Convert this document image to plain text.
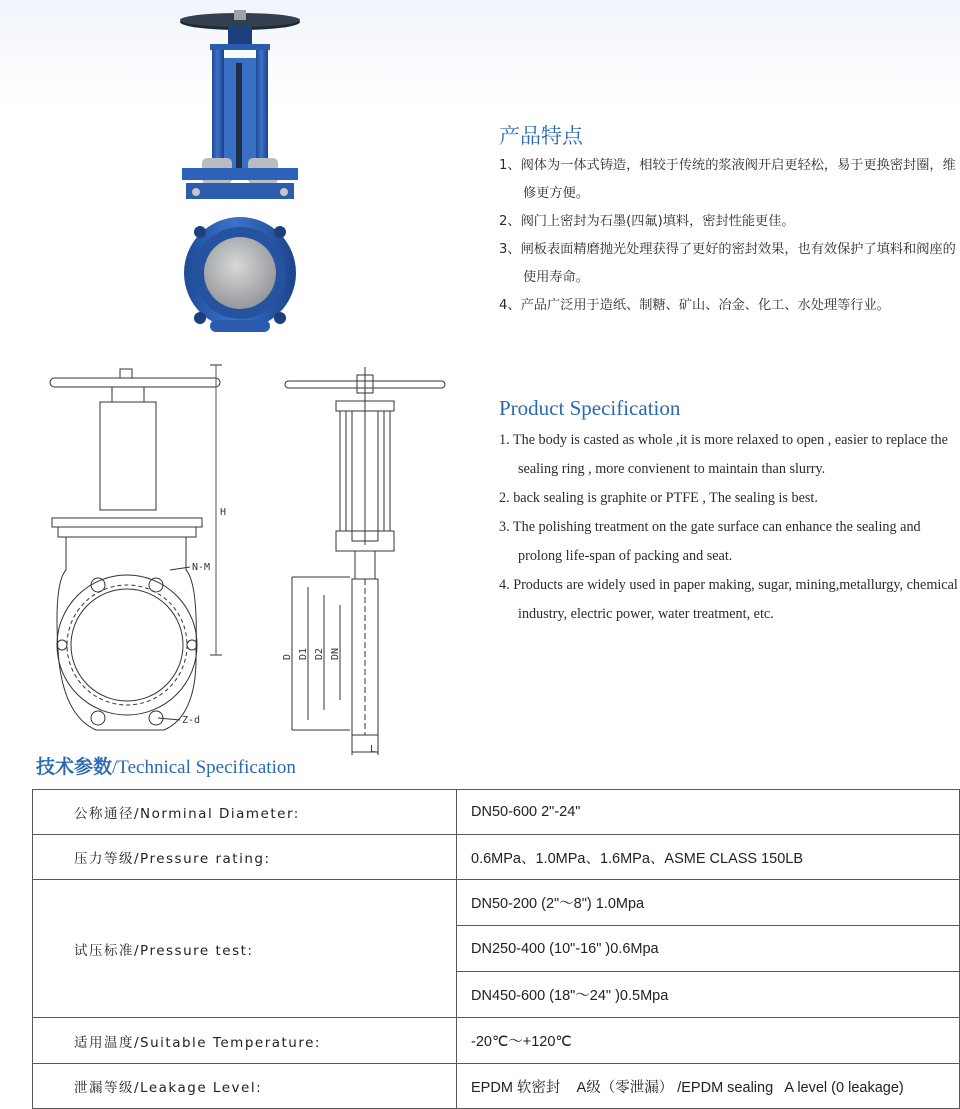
产品特点
1、阀体为一体式铸造，相较于传统的浆液阀开启更轻松，易于更换密封圈，维修更方便。
2、阀门上密封为石墨(四氟)填料，密封性能更佳。
3、闸板表面精磨抛光处理获得了更好的密封效果，也有效保护了填料和阀座的使用寿命。
4、产品广泛用于造纸、制糖、矿山、冶金、化工、水处理等行业。
Product Specification
1. The body is casted as whole ,it is more relaxed to open , easier to replace the sealing ring , more convienent to maintain than slurry.
2. back sealing is graphite or PTFE , The sealing is best.
3. The polishing treatment on the gate surface can enhance the sealing and prolong life-span of packing and seat.
4. Products are widely used in paper making, sugar, mining,metallurgy, chemical industry, electric power, water treatment, etc.
H
N-M
Z-d
D D1 D2 DN
L
技术参数/Technical Specification
公称通径/Norminal Diameter:	DN50-600 2"-24"
压力等级/Pressure rating:	0.6MPa、1.0MPa、1.6MPa、ASME CLASS 150LB
试压标准/Pressure test:	DN50-200 (2"～8") 1.0Mpa
	DN250-400 (10"-16" )0.6Mpa
	DN450-600 (18"～24" )0.5Mpa
适用温度/Suitable Temperature:	-20℃～+120℃
泄漏等级/Leakage Level:	EPDM 软密封    A级（零泄漏） /EPDM sealing   A level (0 leakage)
